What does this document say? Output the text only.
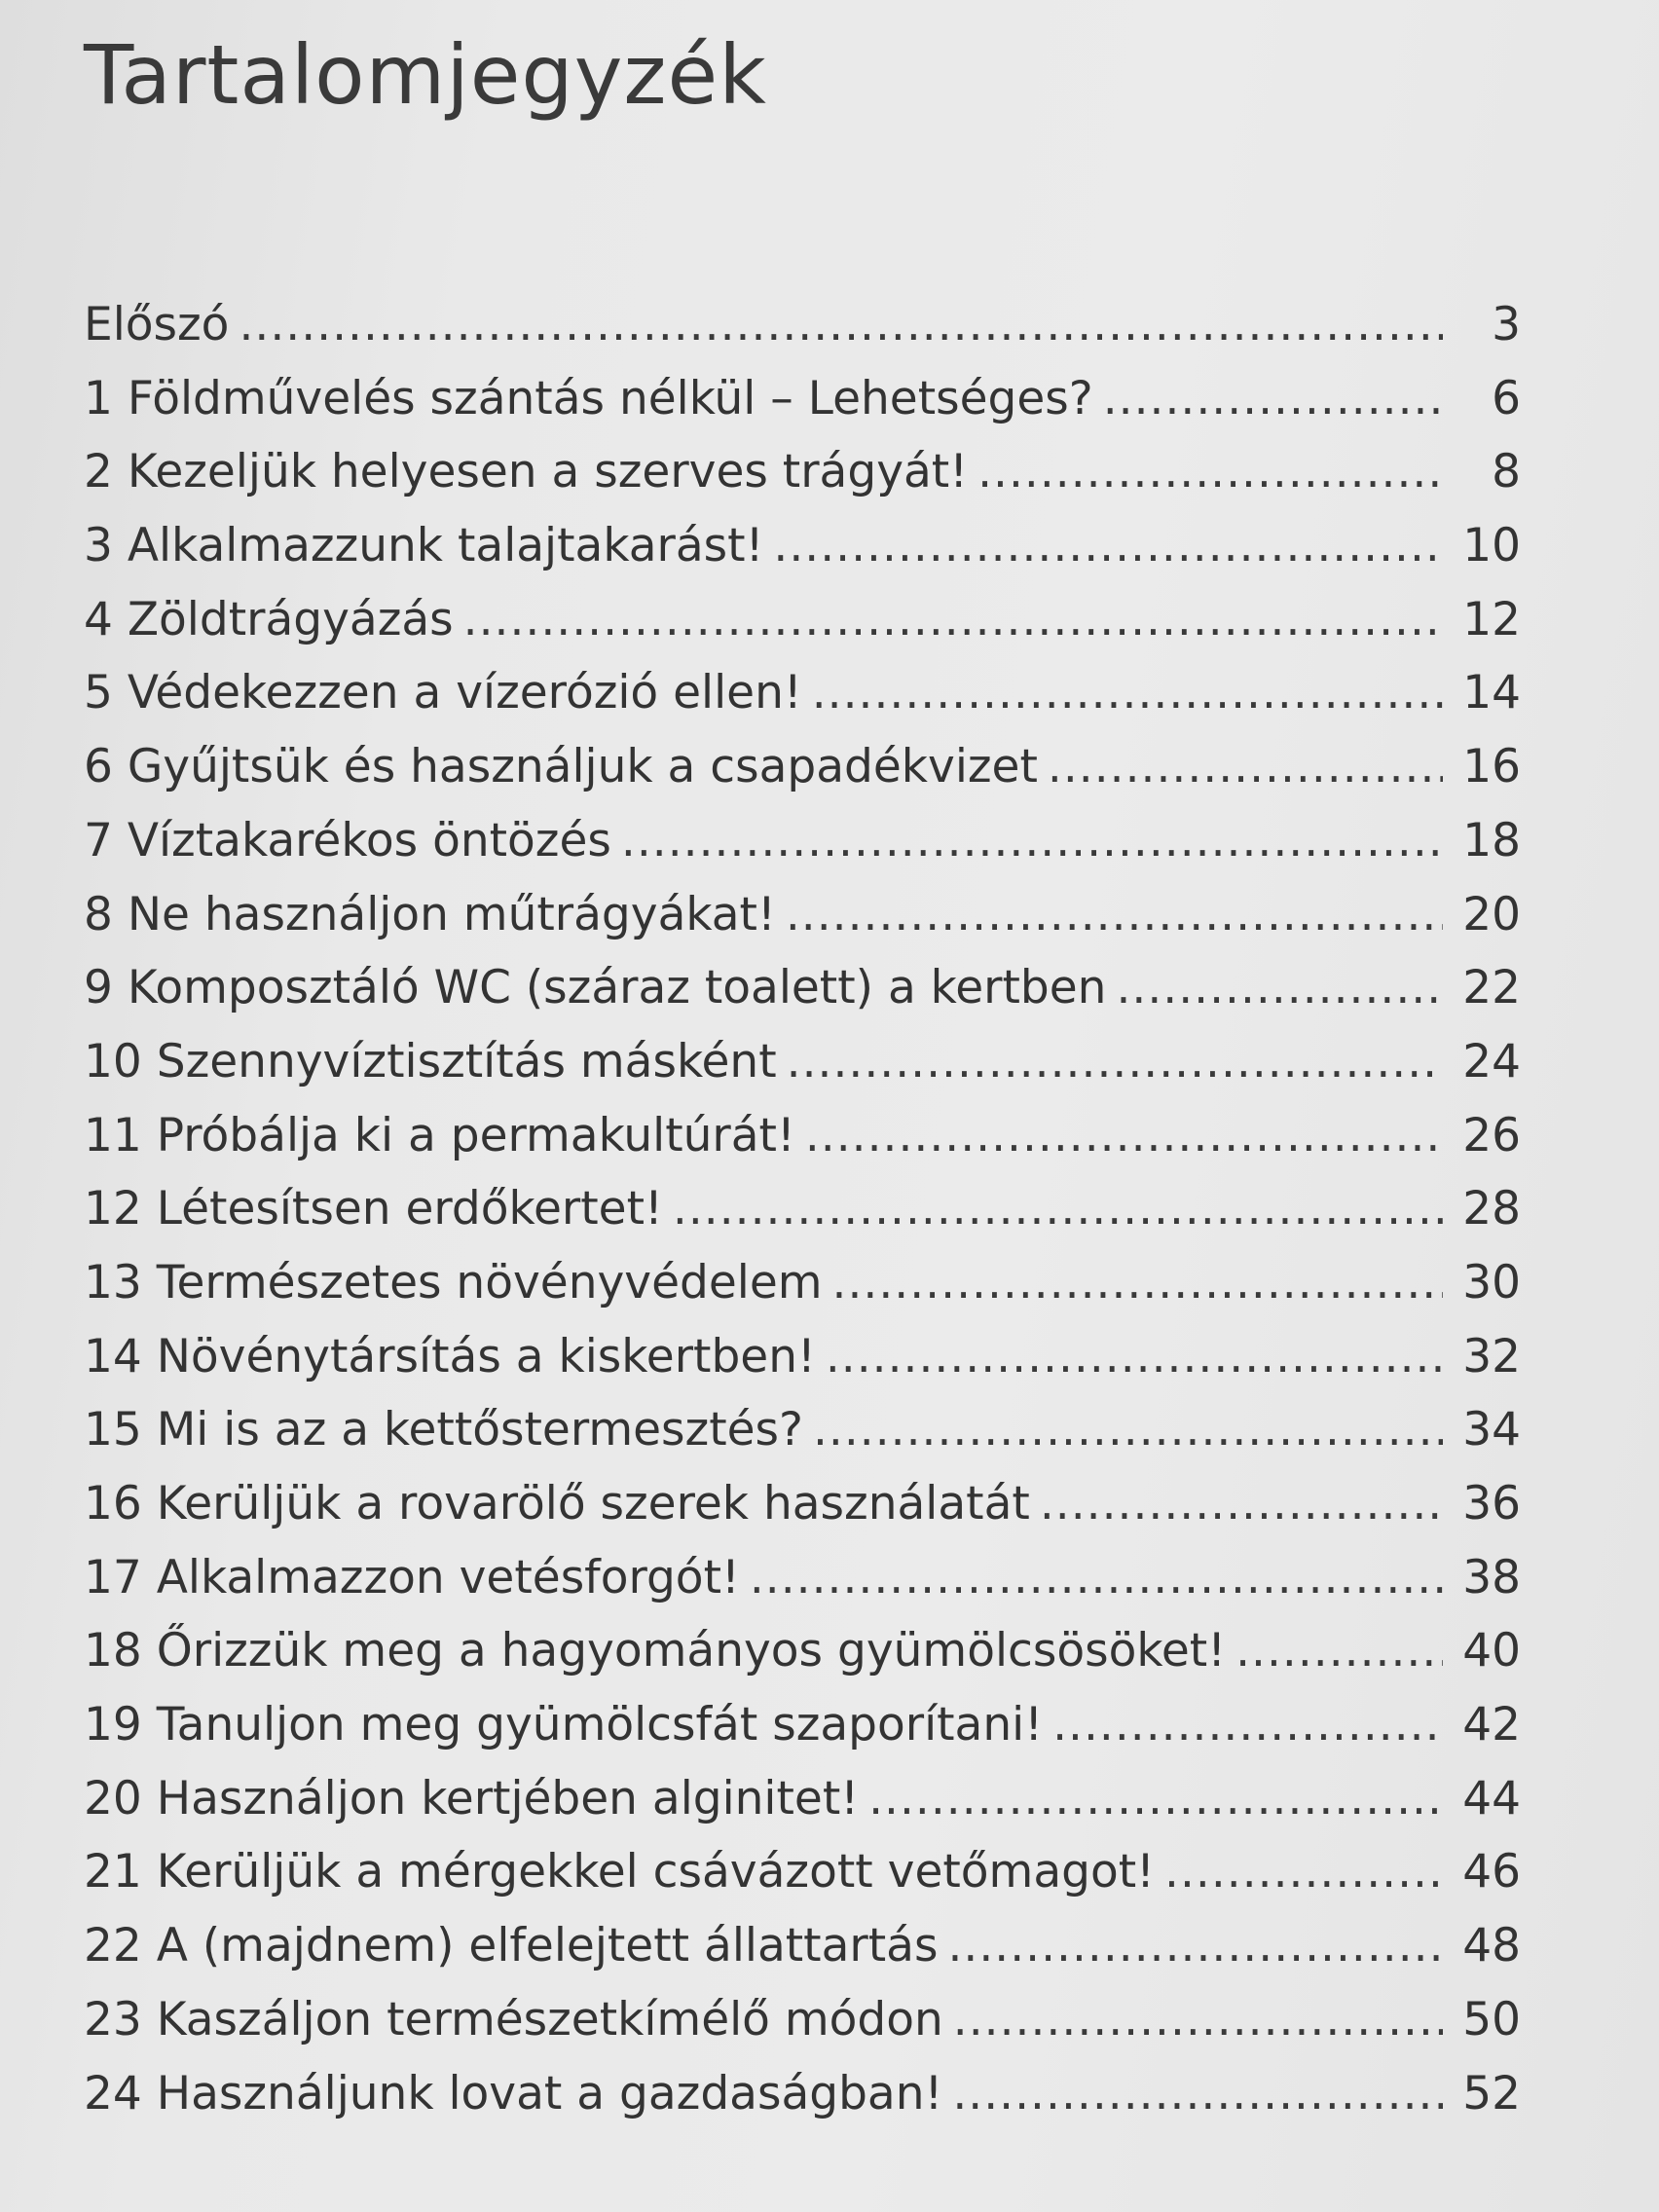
Tartalomjegyzék
Előszó .....	3
1 Földművelés szántás nélkül – Lehetséges? .....	6
2 Kezeljük helyesen a szerves trágyát! .....	8
3 Alkalmazzunk talajtakarást! .....	10
4 Zöldtrágyázás .....	12
5 Védekezzen a vízerózió ellen! .....	14
6 Gyűjtsük és használjuk a csapadékvizet .....	16
7 Víztakarékos öntözés .....	18
8 Ne használjon műtrágyákat! .....	20
9 Komposztáló WC (száraz toalett) a kertben .....	22
10 Szennyvíztisztítás másként .....	24
11 Próbálja ki a permakultúrát! .....	26
12 Létesítsen erdőkertet! .....	28
13 Természetes növényvédelem .....	30
14 Növénytársítás a kiskertben! .....	32
15 Mi is az a kettőstermesztés? .....	34
16 Kerüljük a rovarölő szerek használatát .....	36
17 Alkalmazzon vetésforgót! .....	38
18 Őrizzük meg a hagyományos gyümölcsösöket! .....	40
19 Tanuljon meg gyümölcsfát szaporítani! .....	42
20 Használjon kertjében alginitet! .....	44
21 Kerüljük a mérgekkel csávázott vetőmagot! .....	46
22 A (majdnem) elfelejtett állattartás .....	48
23 Kaszáljon természetkímélő módon .....	50
24 Használjunk lovat a gazdaságban! .....	52
